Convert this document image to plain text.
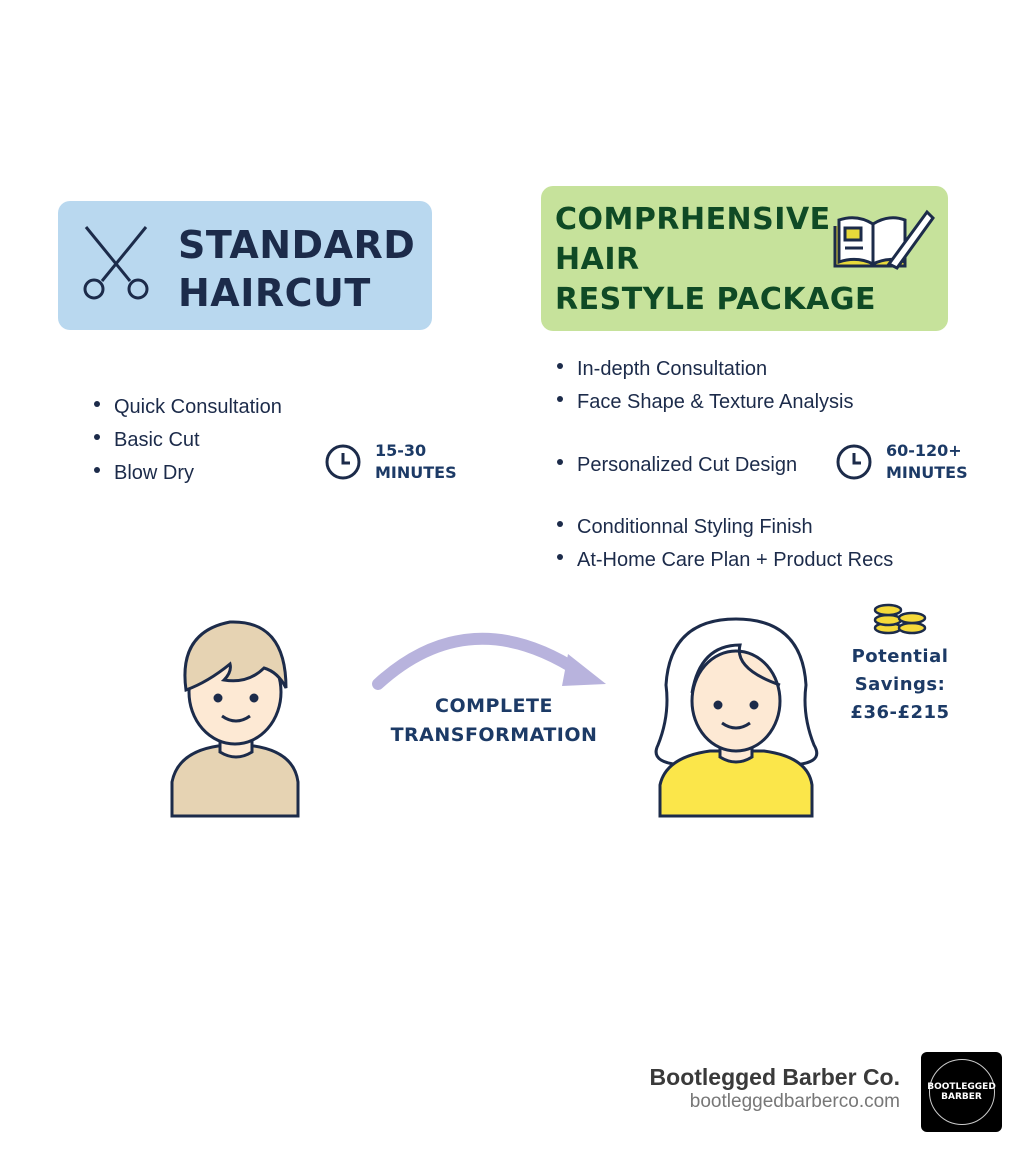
STANDARD
HAIRCUT
COMPRHENSIVE
HAIR
RESTYLE PACKAGE
Quick Consultation
Basic Cut
Blow Dry
15-30
MINUTES
In-depth Consultation
Face Shape & Texture Analysis
Personalized Cut Design
Conditionnal Styling Finish
At-Home Care Plan + Product Recs
60-120+
MINUTES
COMPLETE
TRANSFORMATION
Potential Savings:
£36-£215
Bootlegged Barber Co.
bootleggedbarberco.com
BOOTLEGGED
BARBER
